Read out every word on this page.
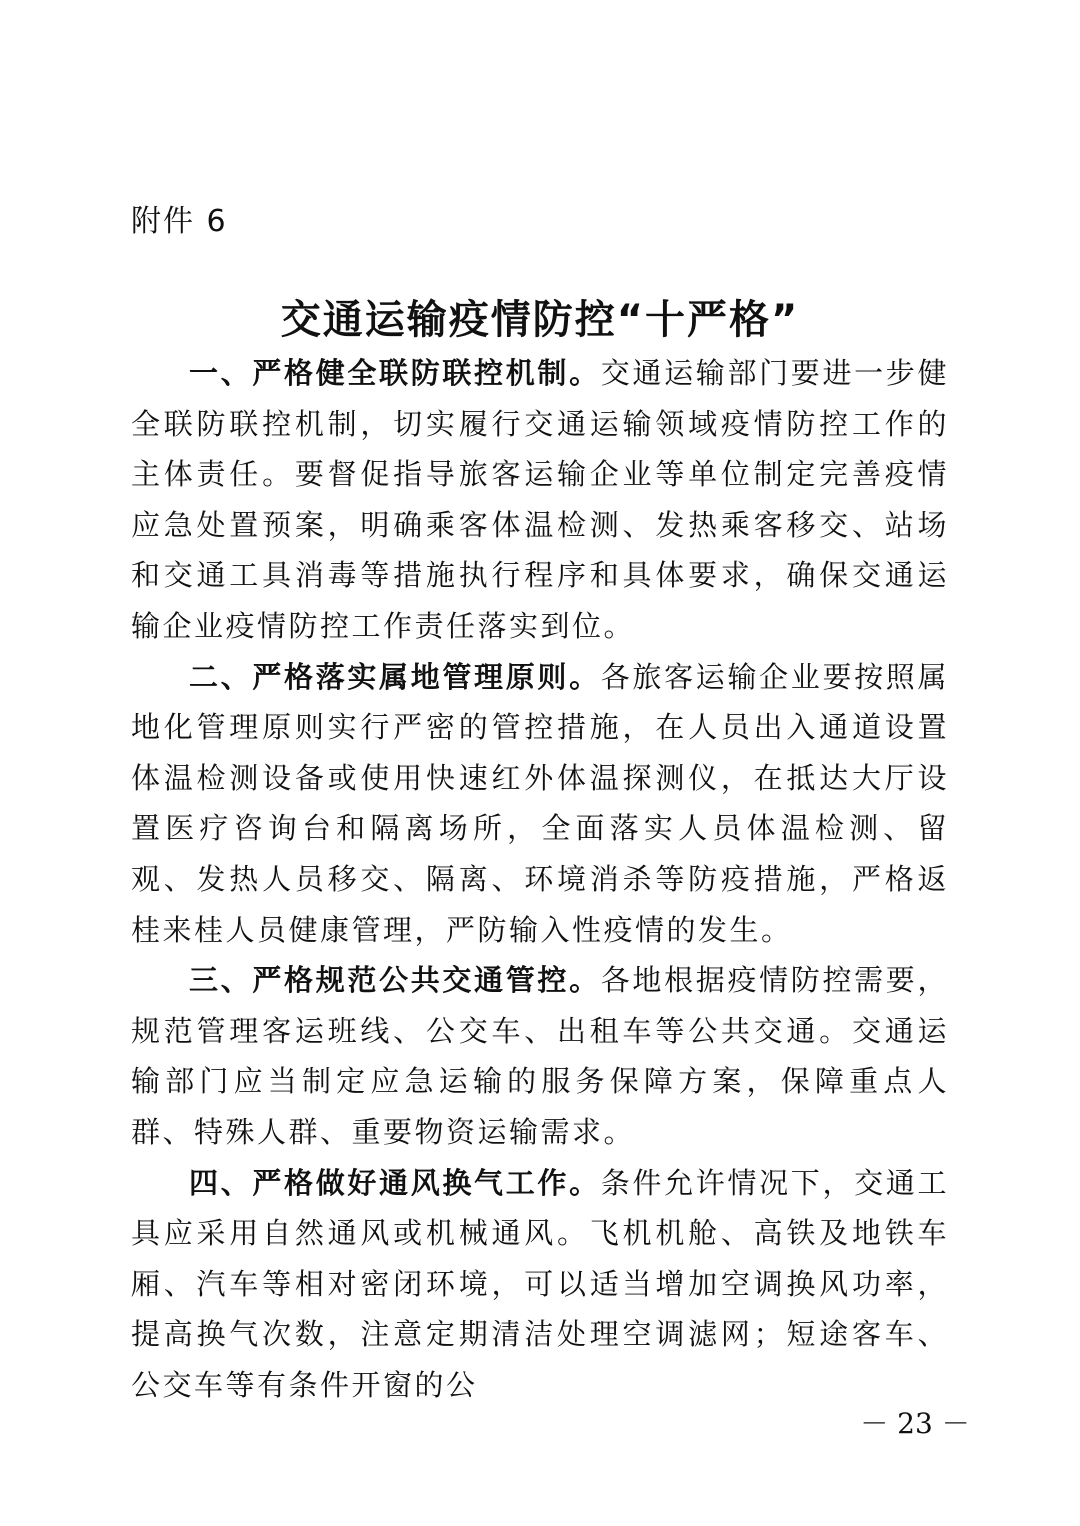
附件 6
交通运输疫情防控“十严格”

一、严格健全联防联控机制。交通运输部门要进一步健全联防联控机制，切实履行交通运输领域疫情防控工作的主体责任。要督促指导旅客运输企业等单位制定完善疫情应急处置预案，明确乘客体温检测、发热乘客移交、站场和交通工具消毒等措施执行程序和具体要求，确保交通运输企业疫情防控工作责任落实到位。

二、严格落实属地管理原则。各旅客运输企业要按照属地化管理原则实行严密的管控措施，在人员出入通道设置体温检测设备或使用快速红外体温探测仪，在抵达大厅设置医疗咨询台和隔离场所，全面落实人员体温检测、留观、发热人员移交、隔离、环境消杀等防疫措施，严格返桂来桂人员健康管理，严防输入性疫情的发生。

三、严格规范公共交通管控。各地根据疫情防控需要，规范管理客运班线、公交车、出租车等公共交通。交通运输部门应当制定应急运输的服务保障方案，保障重点人群、特殊人群、重要物资运输需求。

四、严格做好通风换气工作。条件允许情况下，交通工具应采用自然通风或机械通风。飞机机舱、高铁及地铁车厢、汽车等相对密闭环境，可以适当增加空调换风功率，提高换气次数，注意定期清洁处理空调滤网；短途客车、公交车等有条件开窗的公

－ 23 －
